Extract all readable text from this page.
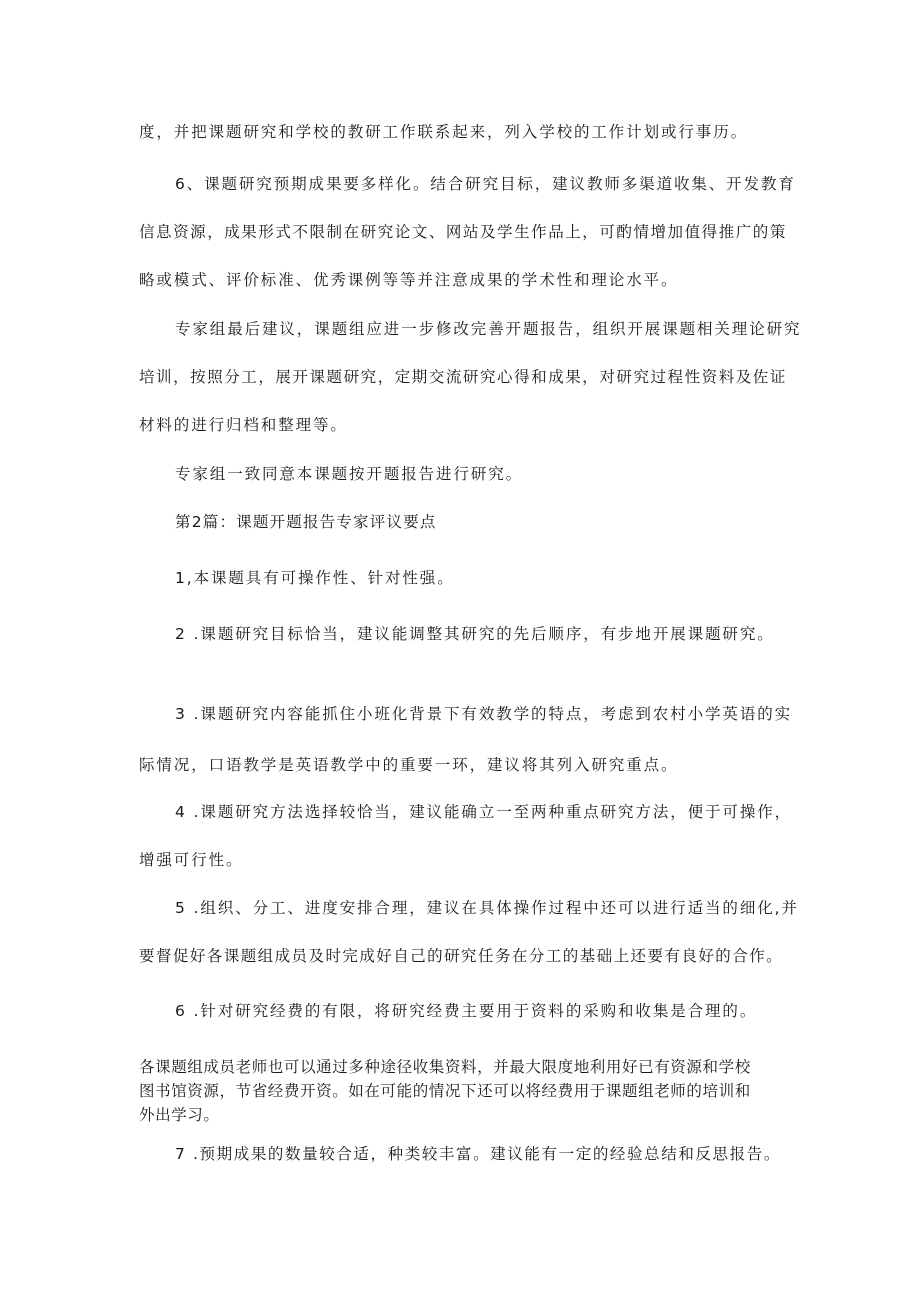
度，并把课题研究和学校的教研工作联系起来，列入学校的工作计划或行事历。
6、课题研究预期成果要多样化。结合研究目标，建议教师多渠道收集、开发教育
信息资源，成果形式不限制在研究论文、网站及学生作品上，可酌情增加值得推广的策
略或模式、评价标准、优秀课例等等并注意成果的学术性和理论水平。
专家组最后建议，课题组应进一步修改完善开题报告，组织开展课题相关理论研究
培训，按照分工，展开课题研究，定期交流研究心得和成果，对研究过程性资料及佐证
材料的进行归档和整理等。
专家组一致同意本课题按开题报告进行研究。
第2篇：课题开题报告专家评议要点
1,本课题具有可操作性、针对性强。
2 .课题研究目标恰当，建议能调整其研究的先后顺序，有步地开展课题研究。
3 .课题研究内容能抓住小班化背景下有效教学的特点，考虑到农村小学英语的实
际情况，口语教学是英语教学中的重要一环，建议将其列入研究重点。
4 .课题研究方法选择较恰当，建议能确立一至两种重点研究方法，便于可操作，
增强可行性。
5 .组织、分工、进度安排合理，建议在具体操作过程中还可以进行适当的细化,并
要督促好各课题组成员及时完成好自己的研究任务在分工的基础上还要有良好的合作。
6 .针对研究经费的有限，将研究经费主要用于资料的采购和收集是合理的。
各课题组成员老师也可以通过多种途径收集资料，并最大限度地利用好已有资源和学校
图书馆资源，节省经费开资。如在可能的情况下还可以将经费用于课题组老师的培训和
外出学习。
7 .预期成果的数量较合适，种类较丰富。建议能有一定的经验总结和反思报告。
